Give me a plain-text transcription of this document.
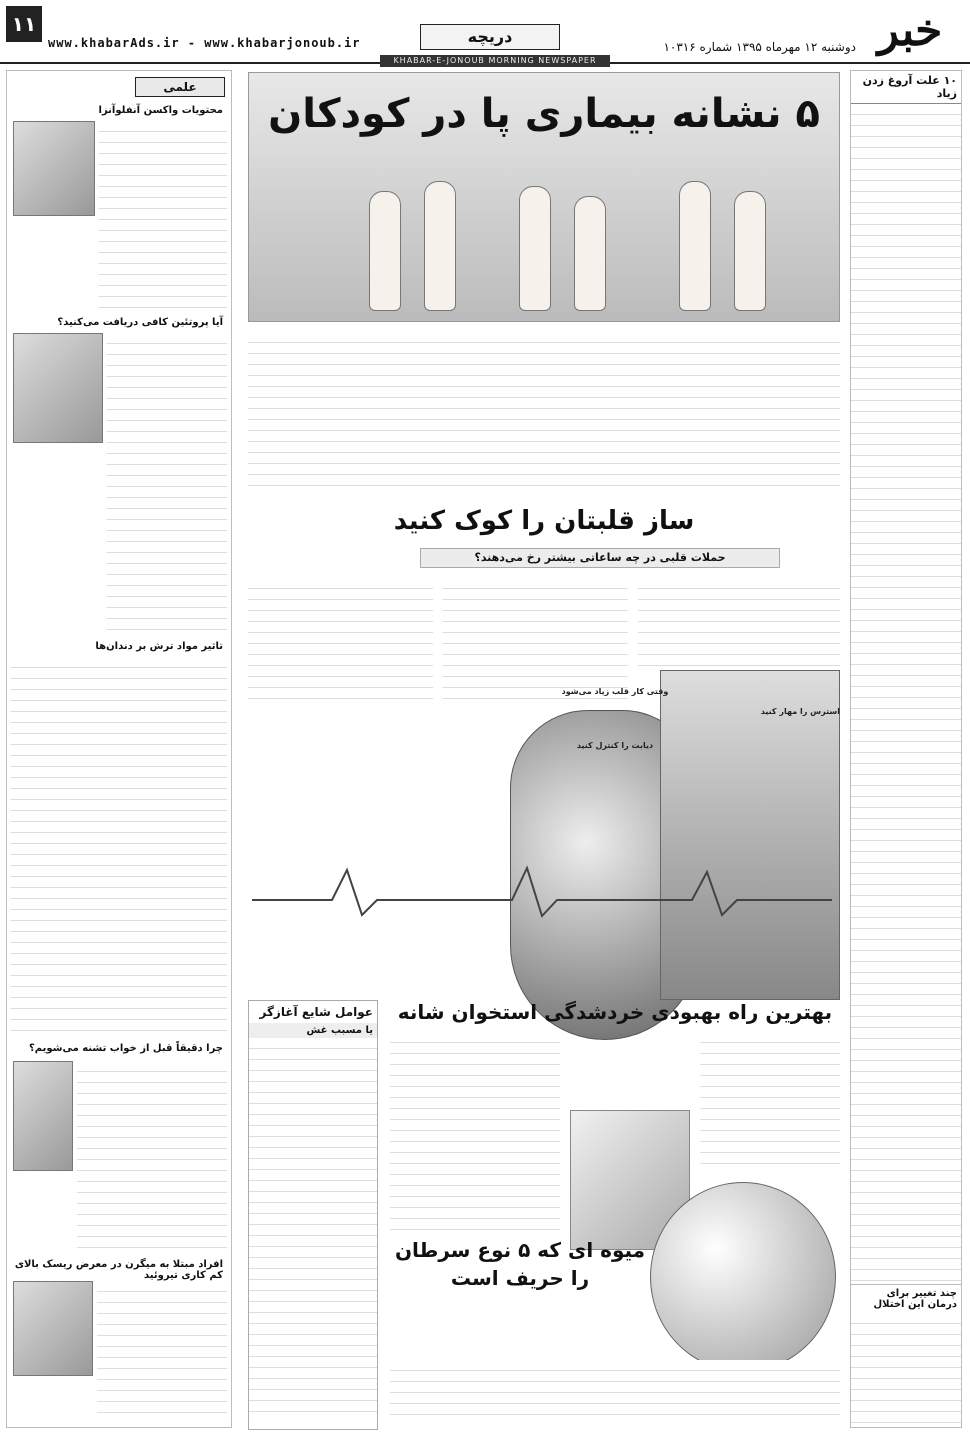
۱۱
www.khabarAds.ir - www.khabarjonoub.ir	دریچه
دوشنبه ۱۲ مهرماه ۱۳۹۵ شماره ۱۰۳۱۶ خبر
KHABAR-E-JONOUB MORNING NEWSPAPER
۱۰ علت آروغ زدن زیاد
چند تغییر برای درمان این اختلال
علمی
محتویات واکسن آنفلوآنزا
آیا پروتئین کافی دریافت می‌کنید؟
تاثیر مواد ترش بر دندان‌ها
چرا دقیقاً قبل از خواب تشنه می‌شویم؟
افراد مبتلا به میگرن در معرض ریسک بالای کم کاری تیروئید
۵ نشانه بیماری پا در کودکان
ساز قلبتان را کوک کنید
حملات قلبی در چه ساعاتی بیشتر رخ می‌دهند؟
استرس را مهار کنید
وقتی کار قلب زیاد می‌شود
دیابت را کنترل کنید
عوامل شایع آغازگر
یا مسبب غش
بهترین راه بهبودی خردشدگی استخوان شانه
میوه ای که ۵ نوع سرطان را حریف است
